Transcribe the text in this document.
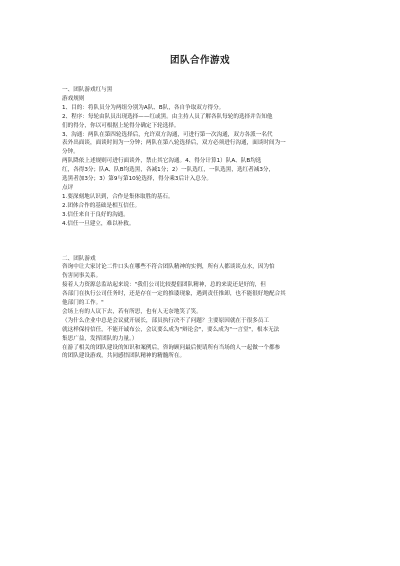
团队合作游戏
一、团队游戏红与黑
游戏规则
1、目的：将队员分为两组分别为A队、B队，各自争取双方得分。
2、程序：每轮由队员出现选择——红或黑。由主持人员了解各队每轮的选择并告知他
们的得分，你以可根据上轮得分确定下轮选择。
3、沟通：两队在第四轮选择后，允许双方沟通，可进行第一次沟通，双方各派一名代
表外出面谈，面谈时间为一分钟；两队在第八轮选择后，双方必须进行沟通，面谈时间为一
分钟。
两队降依上述规则可进行面谈外，禁止其它沟通。4、得分计算1）队A、队B均选
红，各得3分；队A、队B均选黑，各减1分；2）一队选红，一队选黑，选红者减3分，
选黑者加3分；3）第9与第10轮选择，得分乘3后计入总分。
点评
1.要深刻地认识到，合作是集体取胜的基石。
2.团体合作的基础是相互信任。
3.信任来自于良好的沟通。
4.信任一旦建立，难以补救。
二、团队游戏
咨询中让大家讨论二件口头在哪些不符合团队精神的实例，所有人都谈谈点水，因为怕
伤害同事关系。
接着人力资源总监站起来说："我们公司比较提倡团队精神，总的来说还是好的，但
各部门在执行公司任务时，还是存在一定的推诿现象，遇到责任推卸，也不能很好地配合其
他部门的工作。"
会场上有的人议下去，若有所思，也有人无奈地笑了笑。
（为什么企业中总是会议就开展长，部员执行决不了问题？主要原因就在于很多员工
就这样保持信任，不能开诚布公，会议要么成为"辩论会"，要么成为"一言堂"，根本无法
集思广益，发挥团队的力量。）
在游了相关的团队建设的知识和案例后，咨询顾问最后便请所有当场的人一起做一个都参
的团队建设游戏，共同感悟团队精神的精髓所在。
